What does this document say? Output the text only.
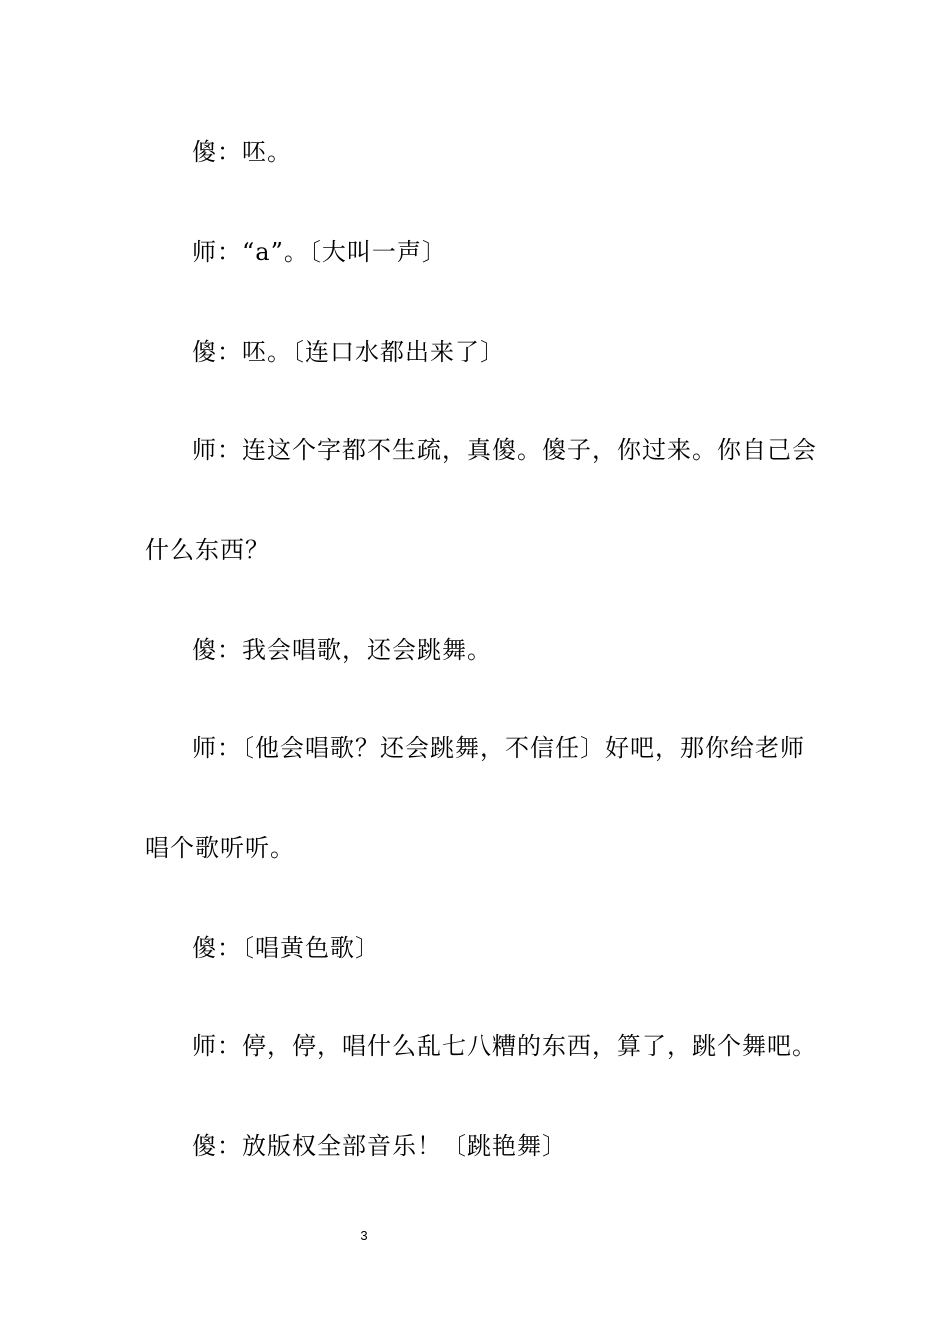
傻：呸。
师：“a”。〔大叫一声〕
傻：呸。〔连口水都出来了〕
师：连这个字都不生疏，真傻。傻子，你过来。你自己会
什么东西？
傻：我会唱歌，还会跳舞。
师：〔他会唱歌？还会跳舞，不信任〕好吧，那你给老师
唱个歌听听。
傻：〔唱黄色歌〕
师：停，停，唱什么乱七八糟的东西，算了，跳个舞吧。
傻：放版权全部音乐！〔跳艳舞〕
3
